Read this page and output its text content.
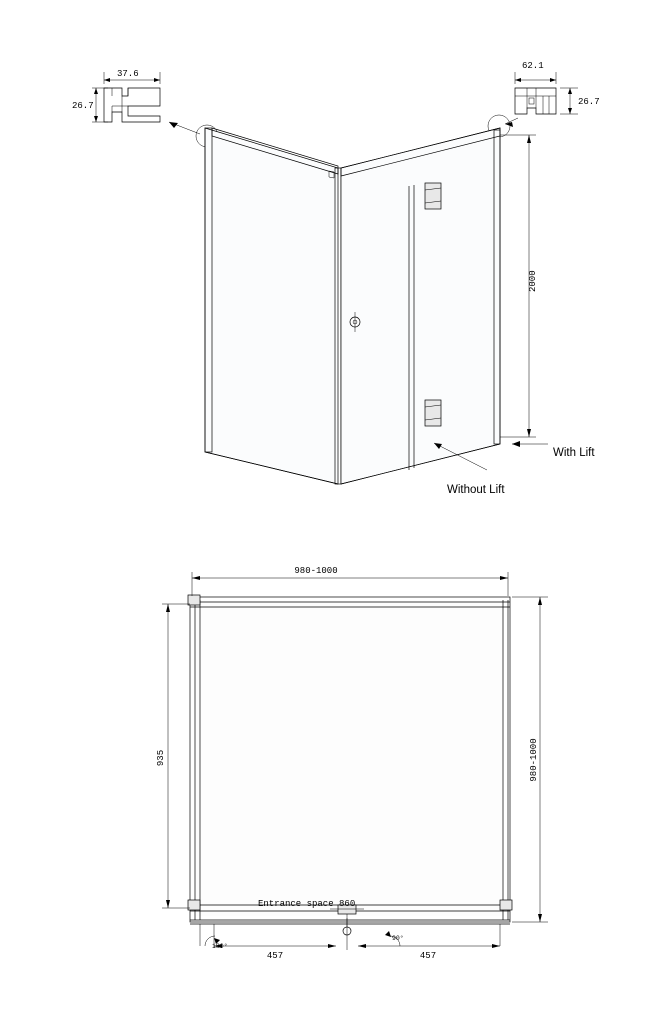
37.6
26.7
62.1
26.7
2000
With Lift
Without Lift
980-1000
980-1000
935
Entrance space 860
457	457
180°
90°
